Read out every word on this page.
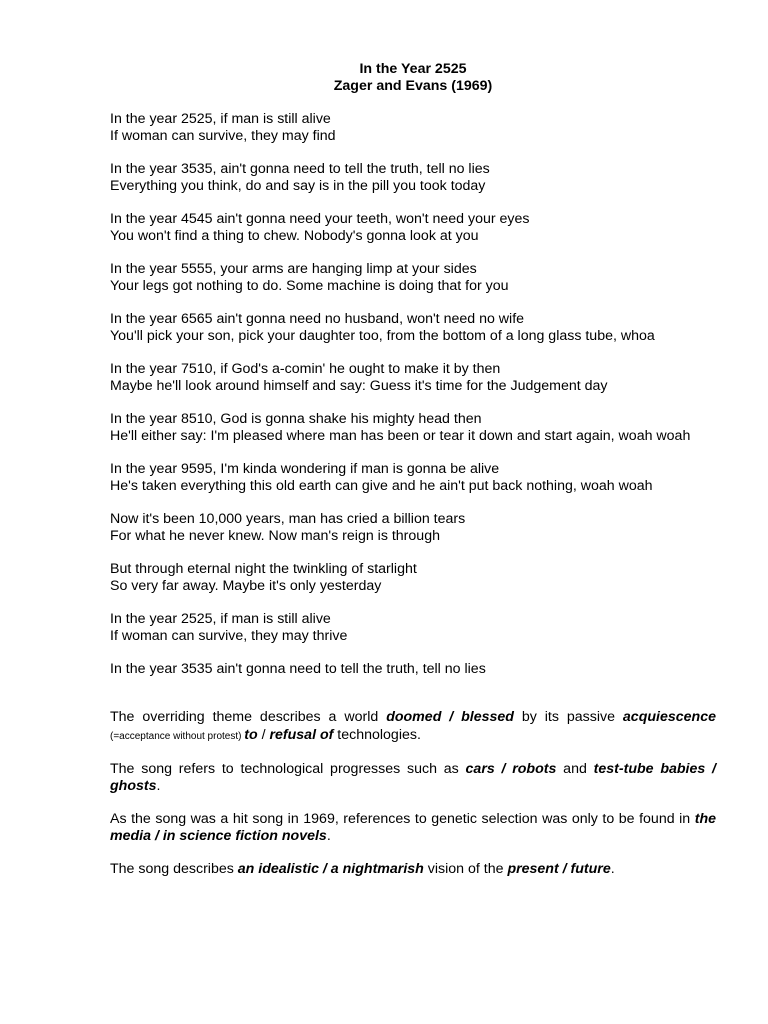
In the Year 2525
Zager and Evans (1969)
In the year 2525, if man is still alive
If woman can survive, they may find
In the year 3535, ain't gonna need to tell the truth, tell no lies
Everything you think, do and say is in the pill you took today
In the year 4545 ain't gonna need your teeth, won't need your eyes
You won't find a thing to chew. Nobody's gonna look at you
In the year 5555, your arms are hanging limp at your sides
Your legs got nothing to do. Some machine is doing that for you
In the year 6565 ain't gonna need no husband, won't need no wife
You'll pick your son, pick your daughter too, from the bottom of a long glass tube, whoa
In the year 7510, if God's a-comin' he ought to make it by then
Maybe he'll look around himself and say: Guess it's time for the Judgement day
In the year 8510, God is gonna shake his mighty head then
He'll either say: I'm pleased where man has been or tear it down and start again, woah woah
In the year 9595, I'm kinda wondering if man is gonna be alive
He's taken everything this old earth can give and he ain't put back nothing, woah woah
Now it's been 10,000 years, man has cried a billion tears
For what he never knew. Now man's reign is through
But through eternal night the twinkling of starlight
So very far away. Maybe it's only yesterday
In the year 2525, if man is still alive
If woman can survive, they may thrive
In the year 3535 ain't gonna need to tell the truth, tell no lies

The overriding theme describes a world doomed / blessed by its passive acquiescence (=acceptance without protest) to / refusal of technologies.

The song refers to technological progresses such as cars / robots and test-tube babies / ghosts.

As the song was a hit song in 1969, references to genetic selection was only to be found in the media / in science fiction novels.

The song describes an idealistic / a nightmarish vision of the present / future.
